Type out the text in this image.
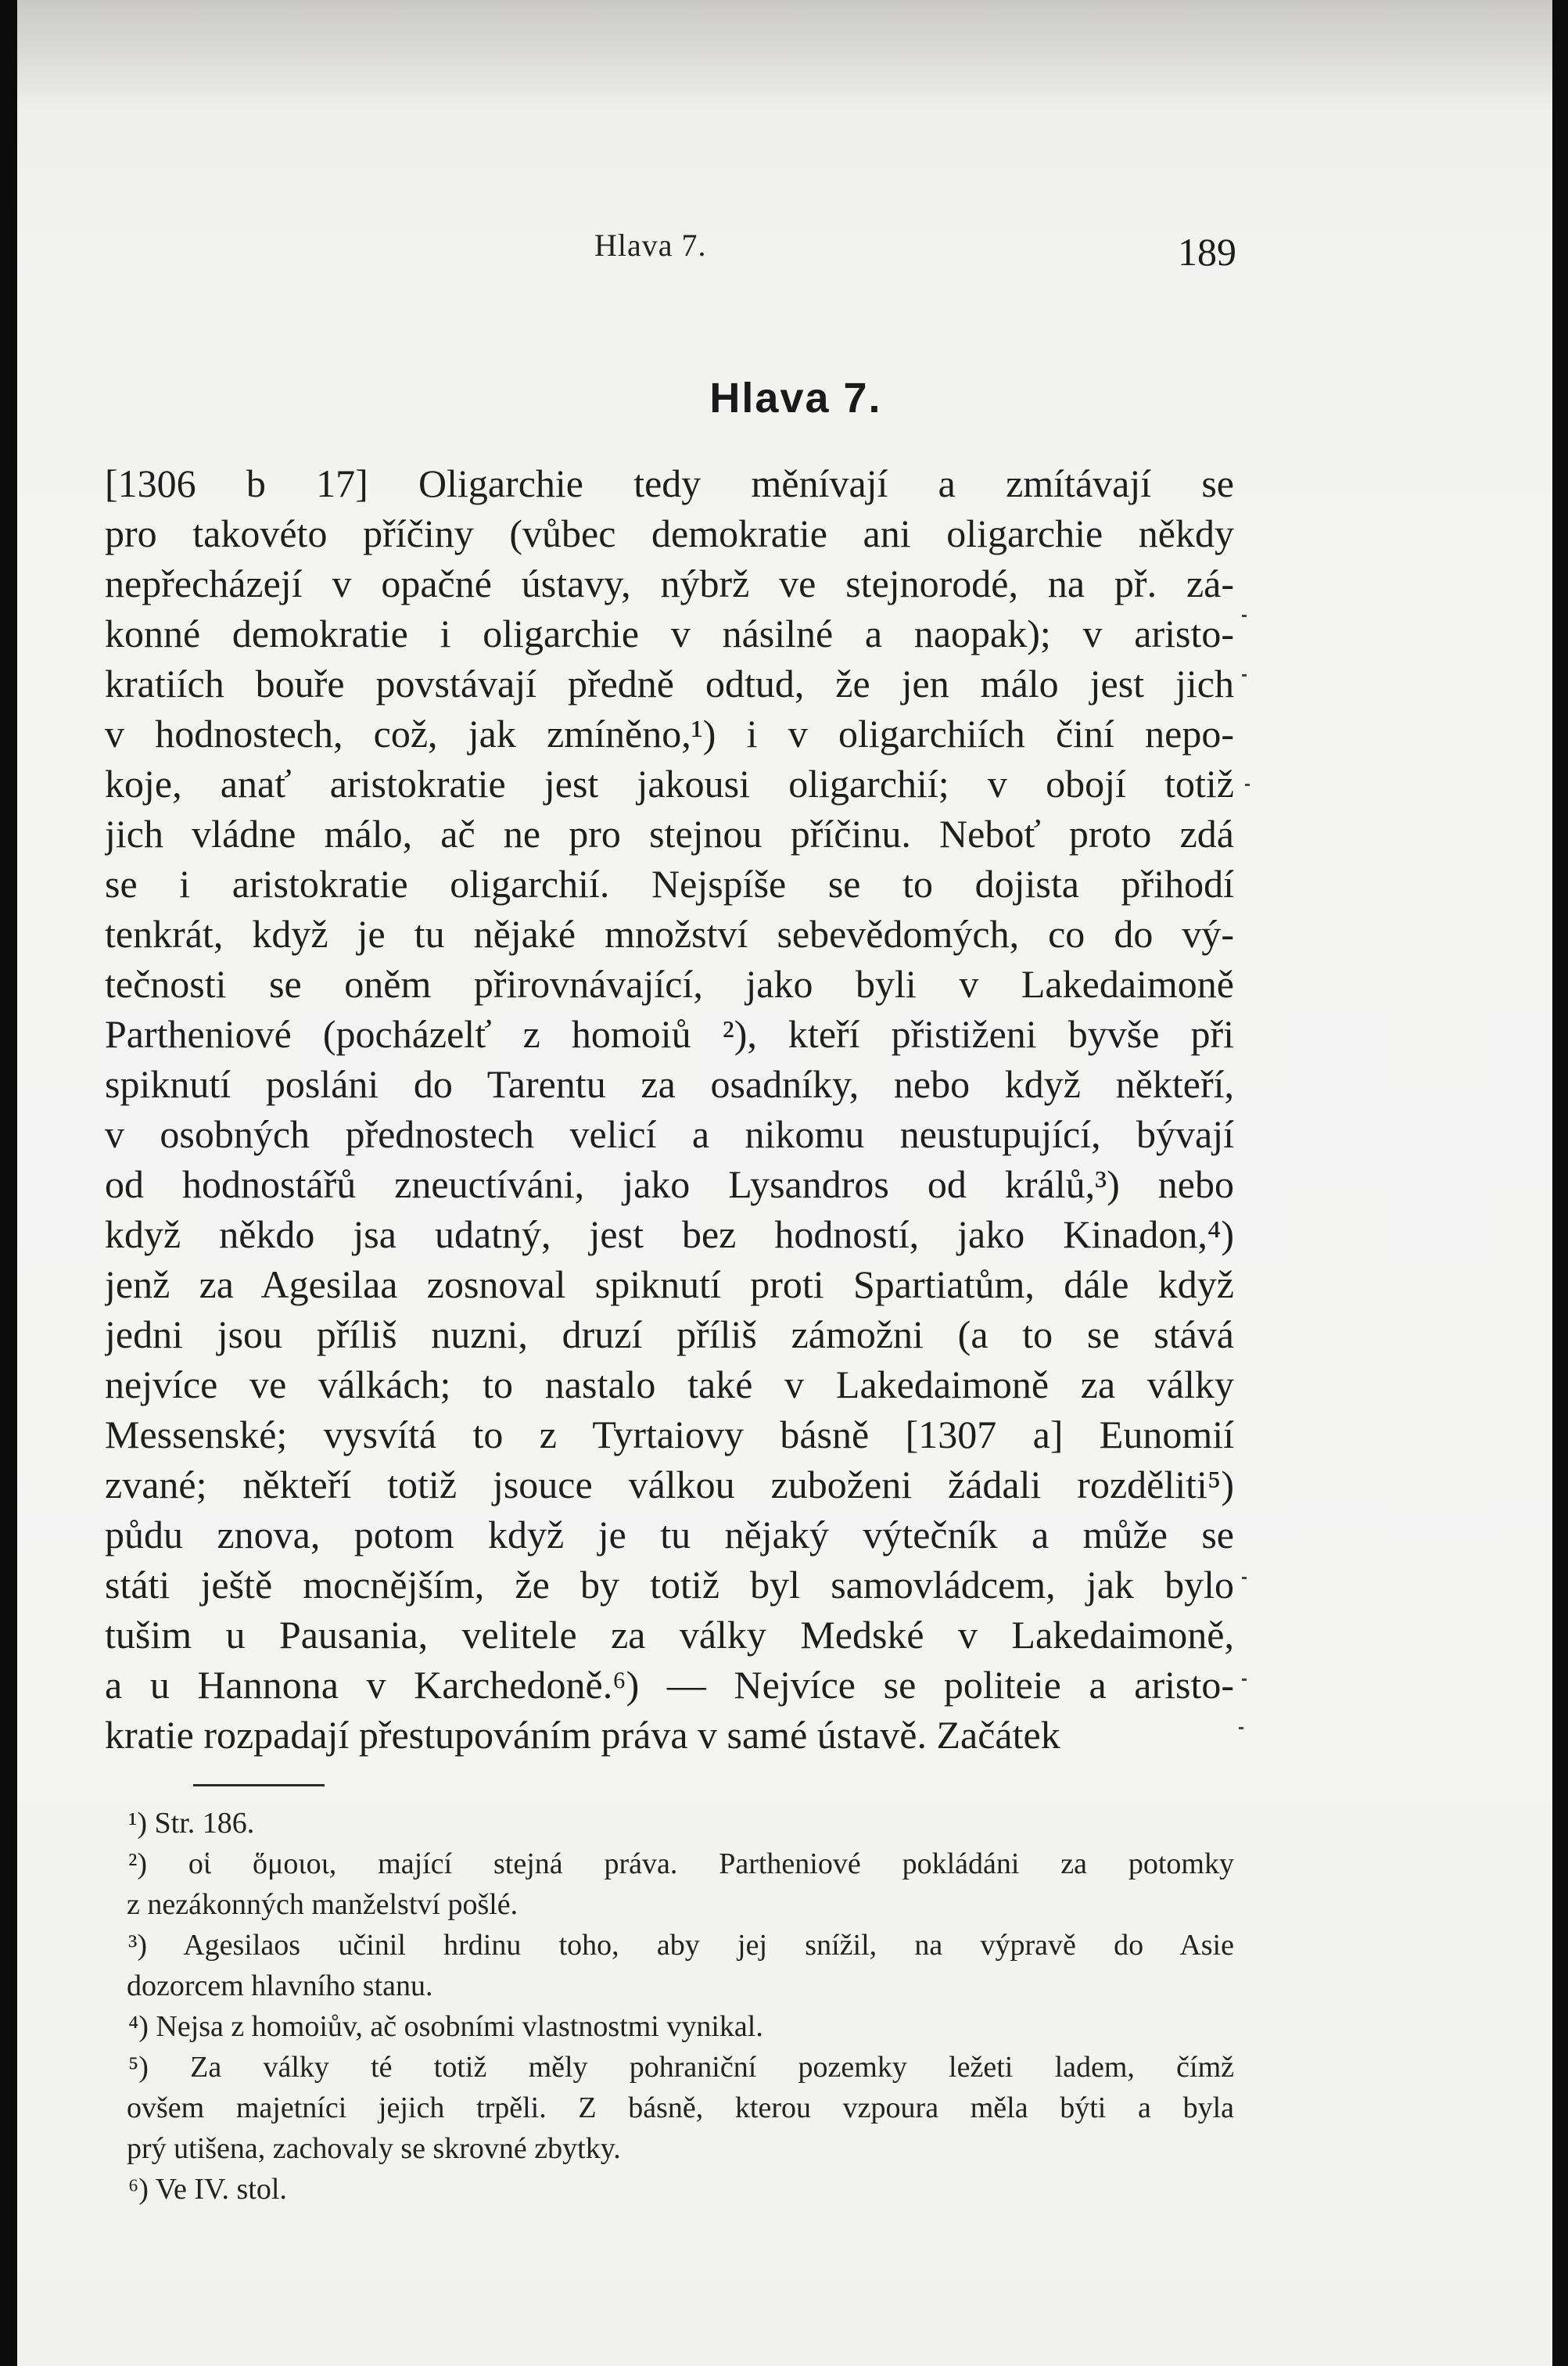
Hlava 7.	189
Hlava 7.
[1306 b 17] Oligarchie tedy měnívají a zmítávají se
pro takovéto příčiny (vůbec demokratie ani oligarchie někdy
nepřecházejí v opačné ústavy, nýbrž ve stejnorodé, na př. zá-
konné demokratie i oligarchie v násilné a naopak); v aristo-
kratiích bouře povstávají předně odtud, že jen málo jest jich
v hodnostech, což, jak zmíněno,¹) i v oligarchiích činí nepo-
koje, anať aristokratie jest jakousi oligarchií; v obojí totiž
jich vládne málo, ač ne pro stejnou příčinu. Neboť proto zdá
se i aristokratie oligarchií. Nejspíše se to dojista přihodí
tenkrát, když je tu nějaké množství sebevědomých, co do vý-
tečnosti se oněm přirovnávající, jako byli v Lakedaimoně
Partheniové (pocházelť z homoiů ²), kteří přistiženi byvše při
spiknutí posláni do Tarentu za osadníky, nebo když někteří,
v osobných přednostech velicí a nikomu neustupující, bývají
od hodnostářů zneuctíváni, jako Lysandros od králů,³) nebo
když někdo jsa udatný, jest bez hodností, jako Kinadon,⁴)
jenž za Agesilaa zosnoval spiknutí proti Spartiatům, dále když
jedni jsou příliš nuzni, druzí příliš zámožni (a to se stává
nejvíce ve válkách; to nastalo také v Lakedaimoně za války
Messenské; vysvítá to z Tyrtaiovy básně [1307 a] Eunomií
zvané; někteří totiž jsouce válkou zuboženi žádali rozděliti⁵)
půdu znova, potom když je tu nějaký výtečník a může se
státi ještě mocnějším, že by totiž byl samovládcem, jak bylo
tušim u Pausania, velitele za války Medské v Lakedaimoně,
a u Hannona v Karchedoně.⁶) — Nejvíce se politeie a aristo-
kratie rozpadají přestupováním práva v samé ústavě. Začátek
¹) Str. 186.
²) οἱ ὅμοιοι, mající stejná práva. Partheniové pokládáni za potomky
z nezákonných manželství pošlé.
³) Agesilaos učinil hrdinu toho, aby jej snížil, na výpravě do Asie
dozorcem hlavního stanu.
⁴) Nejsa z homoiův, ač osobními vlastnostmi vynikal.
⁵) Za války té totiž měly pohraniční pozemky ležeti ladem, čímž
ovšem majetníci jejich trpěli. Z básně, kterou vzpoura měla býti a byla
prý utišena, zachovaly se skrovné zbytky.
⁶) Ve IV. stol.
